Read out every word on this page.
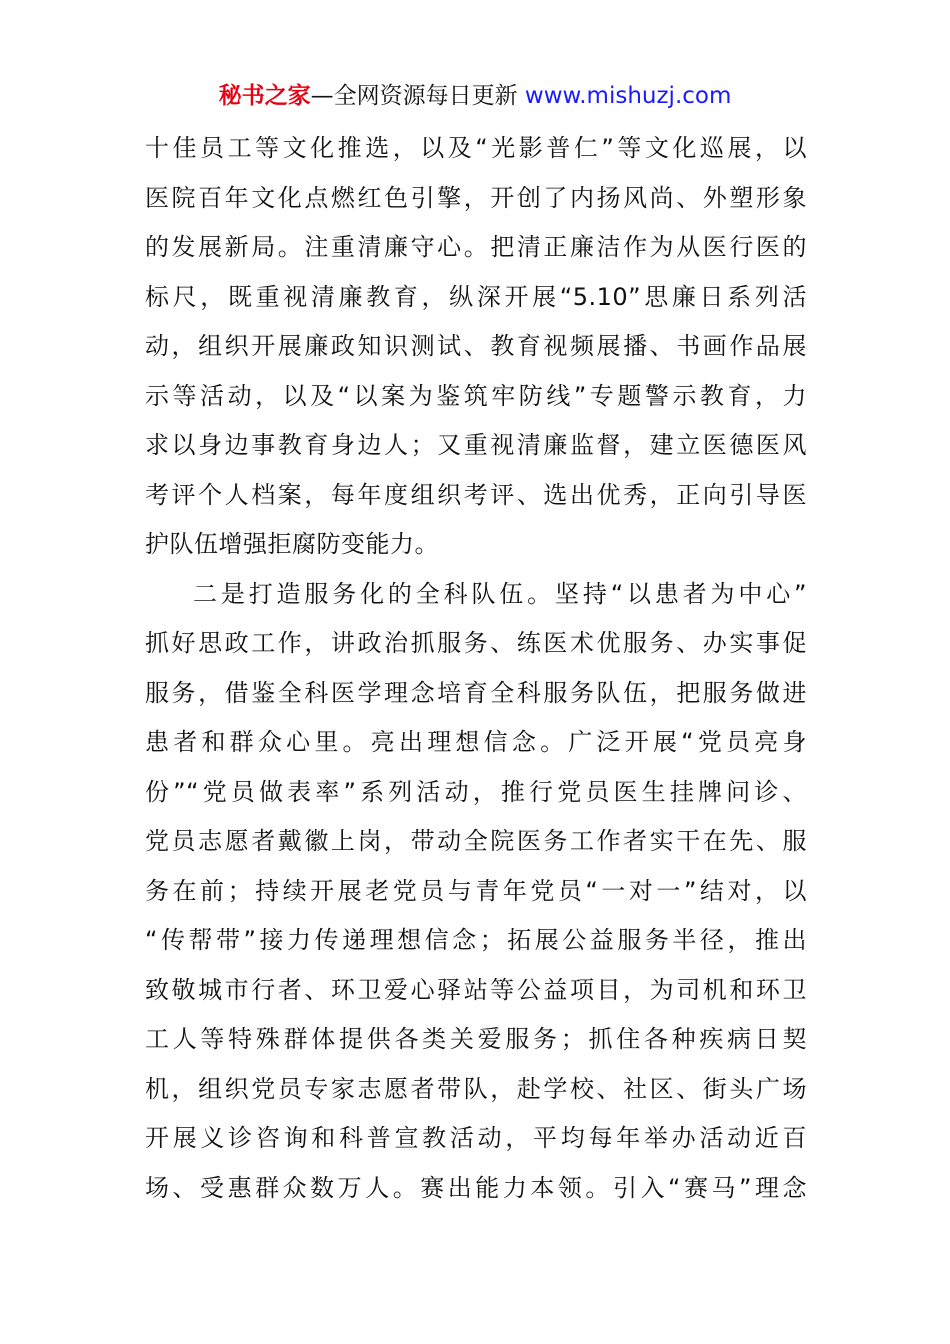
秘书之家—全网资源每日更新 www.mishuzj.com
十佳员工等文化推选，以及“光影普仁”等文化巡展，以
医院百年文化点燃红色引擎，开创了内扬风尚、外塑形象
的发展新局。注重清廉守心。把清正廉洁作为从医行医的
标尺，既重视清廉教育，纵深开展“5.10”思廉日系列活
动，组织开展廉政知识测试、教育视频展播、书画作品展
示等活动，以及“以案为鉴筑牢防线”专题警示教育，力
求以身边事教育身边人；又重视清廉监督，建立医德医风
考评个人档案，每年度组织考评、选出优秀，正向引导医
护队伍增强拒腐防变能力。
二是打造服务化的全科队伍。坚持“以患者为中心”
抓好思政工作，讲政治抓服务、练医术优服务、办实事促
服务，借鉴全科医学理念培育全科服务队伍，把服务做进
患者和群众心里。亮出理想信念。广泛开展“党员亮身
份”“党员做表率”系列活动，推行党员医生挂牌问诊、
党员志愿者戴徽上岗，带动全院医务工作者实干在先、服
务在前；持续开展老党员与青年党员“一对一”结对，以
“传帮带”接力传递理想信念；拓展公益服务半径，推出
致敬城市行者、环卫爱心驿站等公益项目，为司机和环卫
工人等特殊群体提供各类关爱服务；抓住各种疾病日契
机，组织党员专家志愿者带队，赴学校、社区、街头广场
开展义诊咨询和科普宣教活动，平均每年举办活动近百
场、受惠群众数万人。赛出能力本领。引入“赛马”理念
